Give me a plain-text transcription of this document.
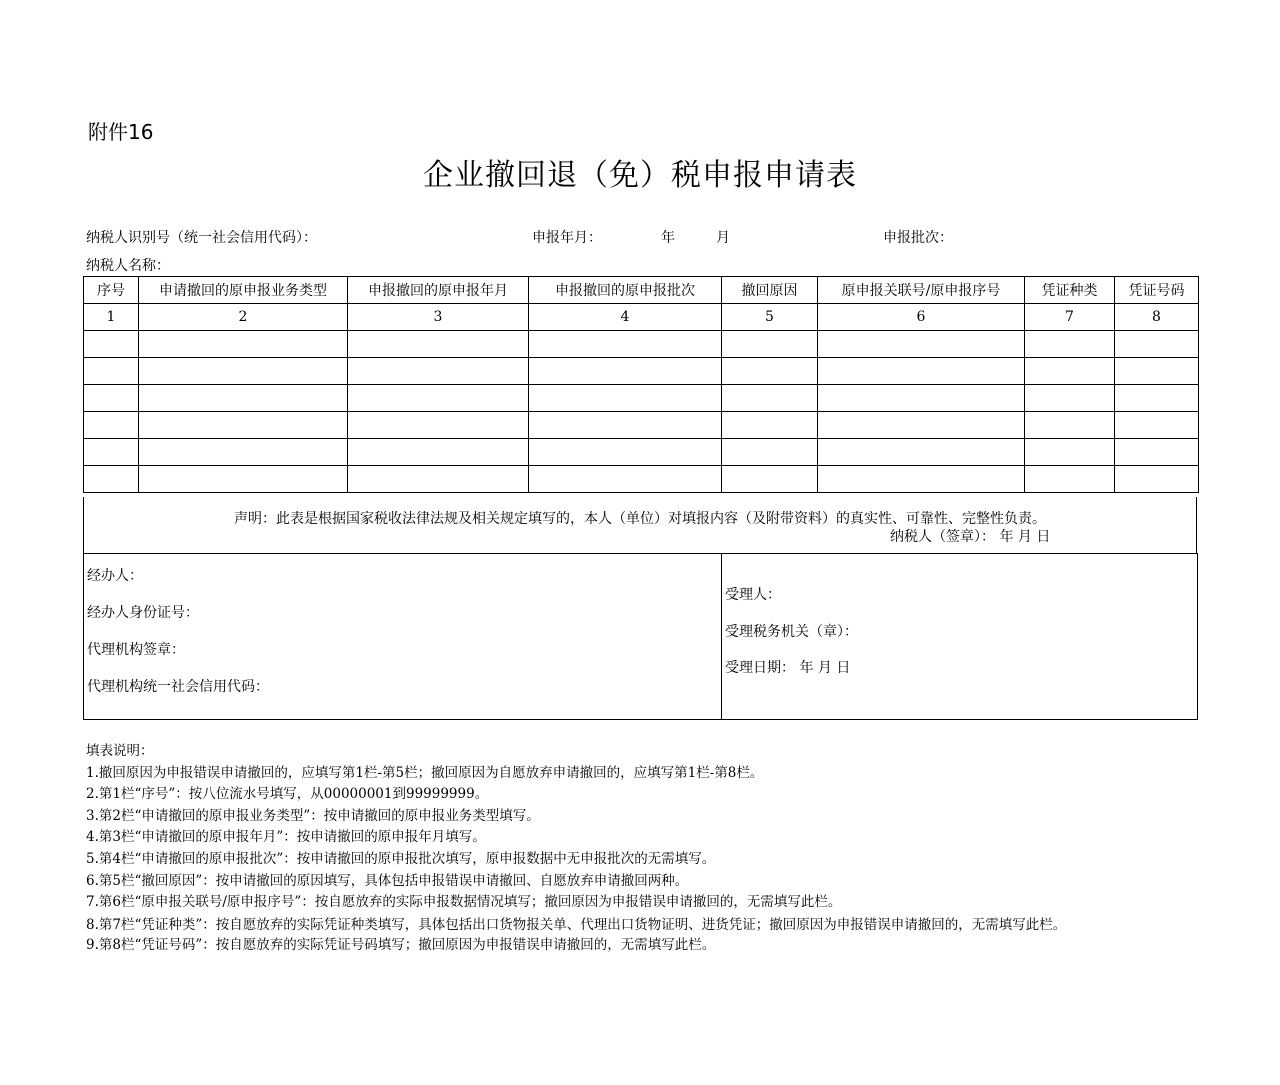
附件16
企业撤回退（免）税申报申请表
纳税人识别号（统一社会信用代码）：	申报年月：	年	月	申报批次：
纳税人名称：
序号	申请撤回的原申报业务类型	申报撤回的原申报年月	申报撤回的原申报批次	撤回原因	原申报关联号/原申报序号	凭证种类	凭证号码
1	2	3	4	5	6	7	8

声明：此表是根据国家税收法律法规及相关规定填写的，本人（单位）对填报内容（及附带资料）的真实性、可靠性、完整性负责。
纳税人（签章）： 年 月 日
经办人：
经办人身份证号：
代理机构签章：
代理机构统一社会信用代码：
受理人：
受理税务机关（章）：
受理日期： 年 月 日
填表说明：
1.撤回原因为申报错误申请撤回的，应填写第1栏-第5栏；撤回原因为自愿放弃申请撤回的，应填写第1栏-第8栏。
2.第1栏“序号”：按八位流水号填写，从00000001到99999999。
3.第2栏“申请撤回的原申报业务类型”：按申请撤回的原申报业务类型填写。
4.第3栏“申请撤回的原申报年月”：按申请撤回的原申报年月填写。
5.第4栏“申请撤回的原申报批次”：按申请撤回的原申报批次填写，原申报数据中无申报批次的无需填写。
6.第5栏“撤回原因”：按申请撤回的原因填写，具体包括申报错误申请撤回、自愿放弃申请撤回两种。
7.第6栏“原申报关联号/原申报序号”：按自愿放弃的实际申报数据情况填写；撤回原因为申报错误申请撤回的，无需填写此栏。
8.第7栏“凭证种类”：按自愿放弃的实际凭证种类填写，具体包括出口货物报关单、代理出口货物证明、进货凭证；撤回原因为申报错误申请撤回的，无需填写此栏。
9.第8栏“凭证号码”：按自愿放弃的实际凭证号码填写；撤回原因为申报错误申请撤回的，无需填写此栏。
